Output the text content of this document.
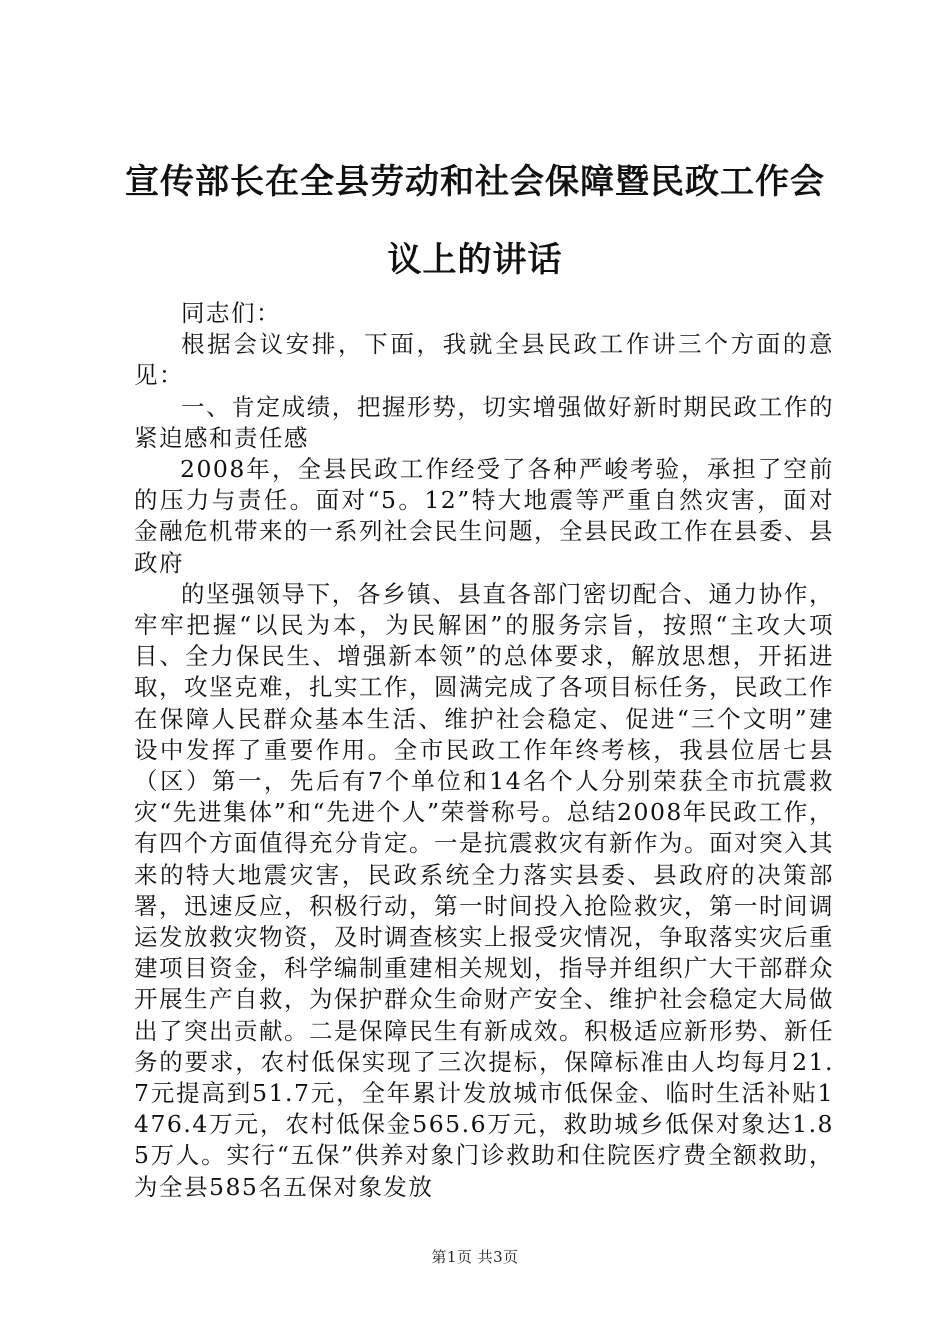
宣传部长在全县劳动和社会保障暨民政工作会
议上的讲话

同志们：

根据会议安排，下面，我就全县民政工作讲三个方面的意见：

一、肯定成绩，把握形势，切实增强做好新时期民政工作的紧迫感和责任感

2008年，全县民政工作经受了各种严峻考验，承担了空前的压力与责任。面对“5。12”特大地震等严重自然灾害，面对金融危机带来的一系列社会民生问题，全县民政工作在县委、县政府

的坚强领导下，各乡镇、县直各部门密切配合、通力协作，牢牢把握“以民为本，为民解困”的服务宗旨，按照“主攻大项目、全力保民生、增强新本领”的总体要求，解放思想，开拓进取，攻坚克难，扎实工作，圆满完成了各项目标任务，民政工作在保障人民群众基本生活、维护社会稳定、促进“三个文明”建设中发挥了重要作用。全市民政工作年终考核，我县位居七县（区）第一，先后有7个单位和14名个人分别荣获全市抗震救灾“先进集体”和“先进个人”荣誉称号。总结2008年民政工作，有四个方面值得充分肯定。一是抗震救灾有新作为。面对突入其来的特大地震灾害，民政系统全力落实县委、县政府的决策部署，迅速反应，积极行动，第一时间投入抢险救灾，第一时间调运发放救灾物资，及时调查核实上报受灾情况，争取落实灾后重建项目资金，科学编制重建相关规划，指导并组织广大干部群众开展生产自救，为保护群众生命财产安全、维护社会稳定大局做出了突出贡献。二是保障民生有新成效。积极适应新形势、新任务的要求，农村低保实现了三次提标，保障标准由人均每月21.7元提高到51.7元，全年累计发放城市低保金、临时生活补贴1476.4万元，农村低保金565.6万元，救助城乡低保对象达1.85万人。实行“五保”供养对象门诊救助和住院医疗费全额救助，为全县585名五保对象发放

第1页 共3页
